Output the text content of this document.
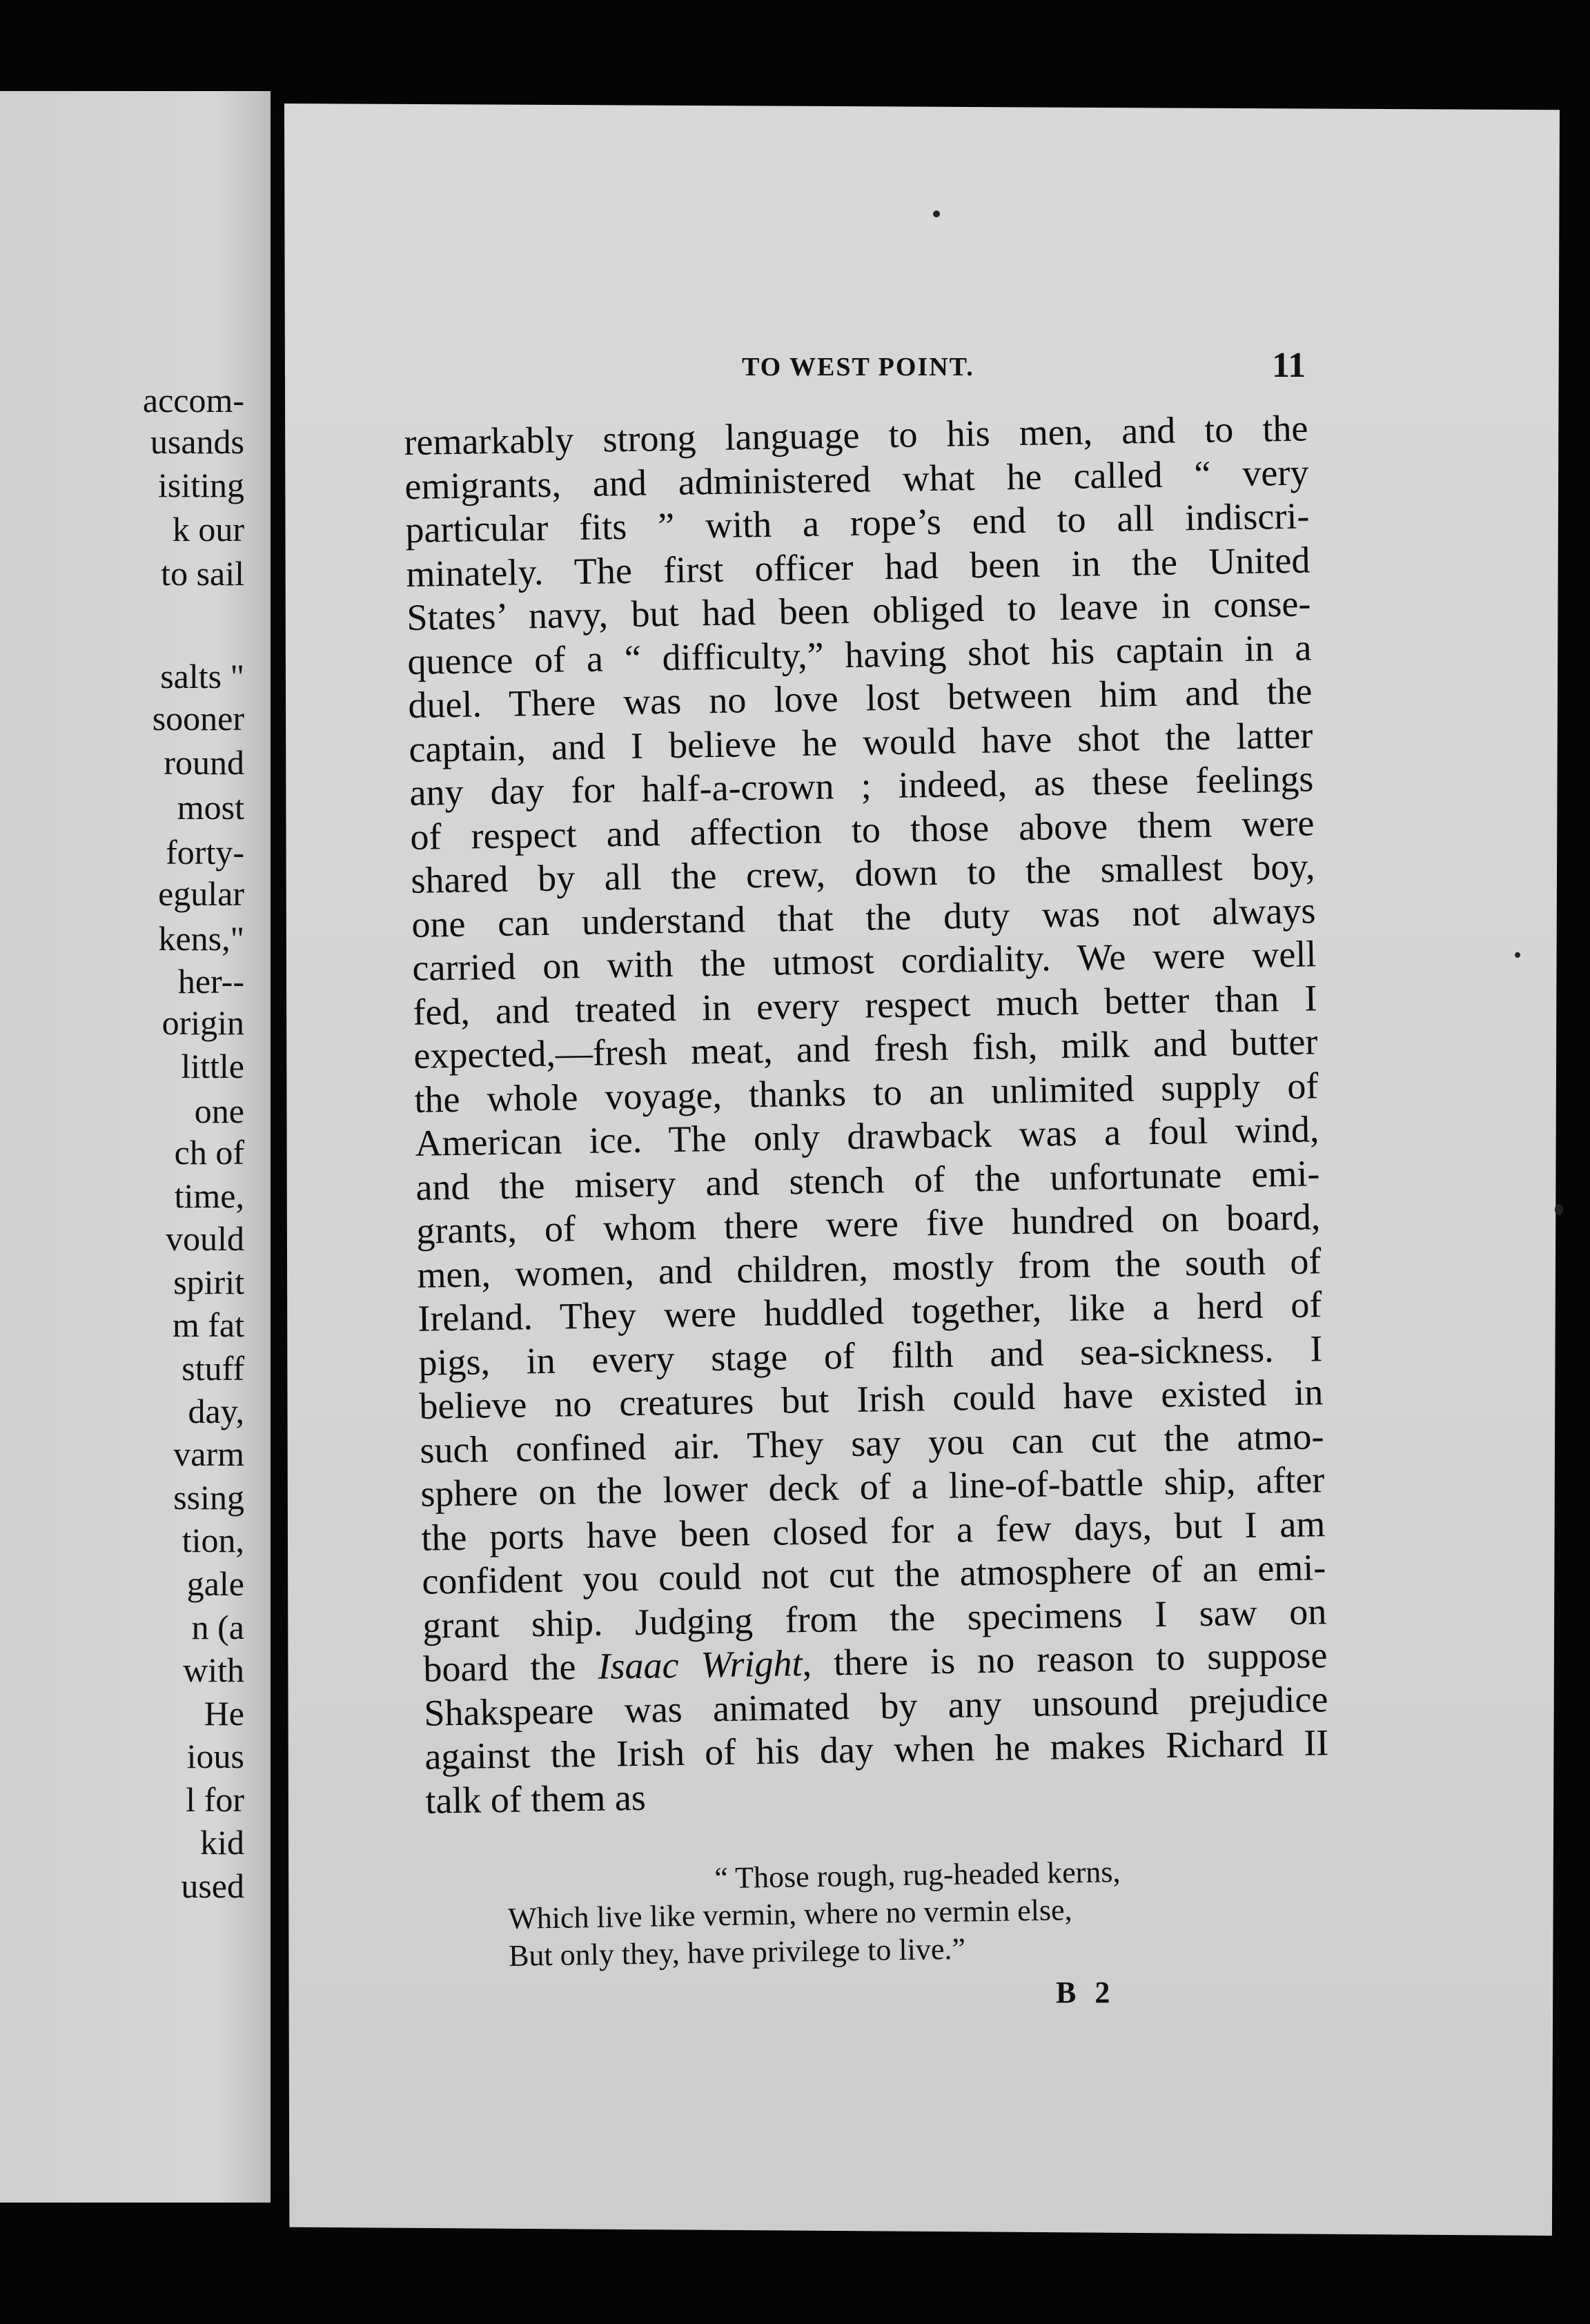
accom-
usands
isiting
k our
to sail
salts "
sooner
round
most
forty-
egular
kens,"
her--
origin
little
one
ch of
time,
vould
spirit
m fat
stuff
day,
varm
ssing
tion,
gale
n (a
with
He
ious
l for
kid
used
TO WEST POINT.	11
remarkably strong language to his men, and to the
emigrants, and administered what he called “ very
particular fits ” with a rope’s end to all indiscri-
minately. The first officer had been in the United
States’ navy, but had been obliged to leave in conse-
quence of a “ difficulty,” having shot his captain in a
duel. There was no love lost between him and the
captain, and I believe he would have shot the latter
any day for half-a-crown ; indeed, as these feelings
of respect and affection to those above them were
shared by all the crew, down to the smallest boy,
one can understand that the duty was not always
carried on with the utmost cordiality. We were well
fed, and treated in every respect much better than I
expected,—fresh meat, and fresh fish, milk and butter
the whole voyage, thanks to an unlimited supply of
American ice. The only drawback was a foul wind,
and the misery and stench of the unfortunate emi-
grants, of whom there were five hundred on board,
men, women, and children, mostly from the south of
Ireland. They were huddled together, like a herd of
pigs, in every stage of filth and sea-sickness. I
believe no creatures but Irish could have existed in
such confined air. They say you can cut the atmo-
sphere on the lower deck of a line-of-battle ship, after
the ports have been closed for a few days, but I am
confident you could not cut the atmosphere of an emi-
grant ship. Judging from the specimens I saw on
board the Isaac Wright, there is no reason to suppose
Shakspeare was animated by any unsound prejudice
against the Irish of his day when he makes Richard II
talk of them as
“ Those rough, rug-headed kerns,
Which live like vermin, where no vermin else,
But only they, have privilege to live.”
B 2
